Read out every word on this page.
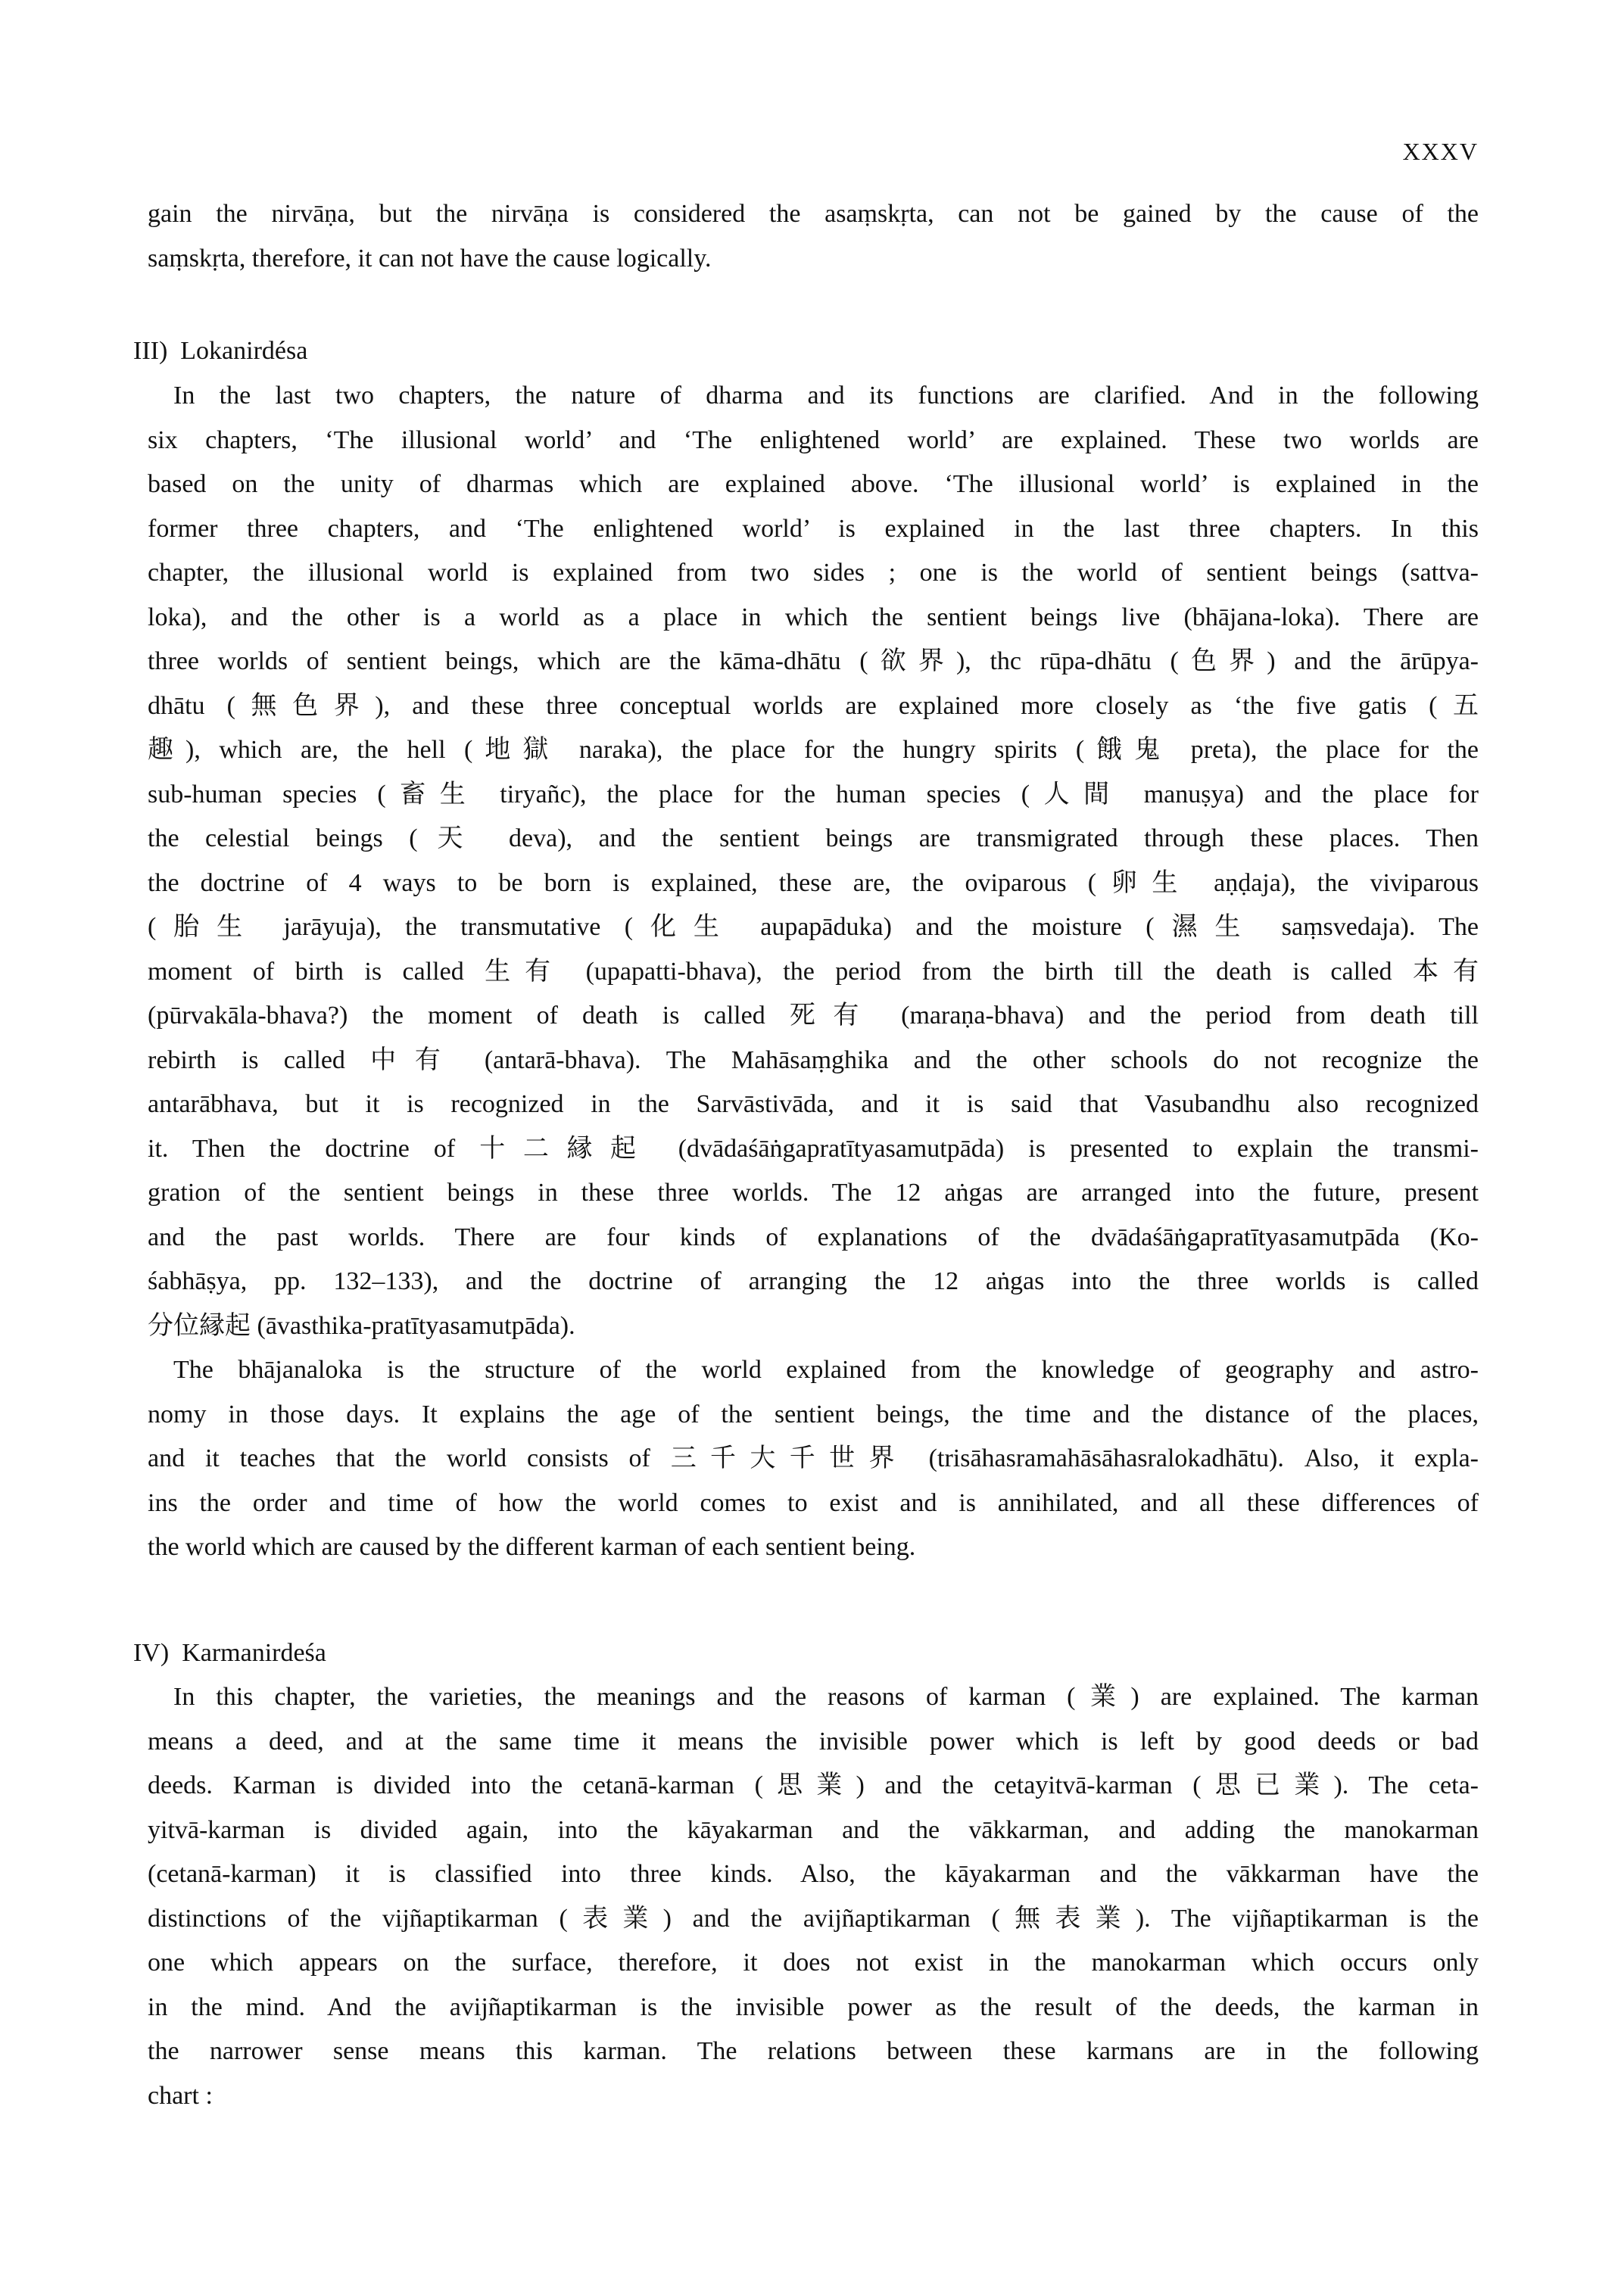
XXXV
gain the nirvāṇa, but the nirvāṇa is considered the asaṃskṛta, can not be gained by the cause of the
saṃskṛta, therefore, it can not have the cause logically.
III)  Lokanirdésa
In the last two chapters, the nature of dharma and its functions are clarified. And in the following
six chapters, ‘The illusional world’ and ‘The enlightened world’ are explained. These two worlds are
based on the unity of dharmas which are explained above. ‘The illusional world’ is explained in the
former three chapters, and ‘The enlightened world’ is explained in the last three chapters. In this
chapter, the illusional world is explained from two sides ; one is the world of sentient beings (sattva-
loka), and the other is a world as a place in which the sentient beings live (bhājana-loka). There are
three worlds of sentient beings, which are the kāma-dhātu (欲界), thc rūpa-dhātu (色界) and the ārūpya-
dhātu (無色界), and these three conceptual worlds are explained more closely as ‘the five gatis (五
趣), which are, the hell (地獄 naraka), the place for the hungry spirits (餓鬼 preta), the place for the
sub-human species (畜生 tiryañc), the place for the human species (人間 manuṣya) and the place for
the celestial beings (天 deva), and the sentient beings are transmigrated through these places. Then
the doctrine of 4 ways to be born is explained, these are, the oviparous (卵生 aṇḍaja), the viviparous
(胎生 jarāyuja), the transmutative (化生 aupapāduka) and the moisture (濕生 saṃsvedaja). The
moment of birth is called 生有 (upapatti-bhava), the period from the birth till the death is called 本有
(pūrvakāla-bhava?) the moment of death is called 死有 (maraṇa-bhava) and the period from death till
rebirth is called 中有 (antarā-bhava). The Mahāsaṃghika and the other schools do not recognize the
antarābhava, but it is recognized in the Sarvāstivāda, and it is said that Vasubandhu also recognized
it. Then the doctrine of 十二縁起 (dvādaśāṅgapratītyasamutpāda) is presented to explain the transmi-
gration of the sentient beings in these three worlds. The 12 aṅgas are arranged into the future, present
and the past worlds. There are four kinds of explanations of the dvādaśāṅgapratītyasamutpāda (Ko-
śabhāṣya, pp. 132–133), and the doctrine of arranging the 12 aṅgas into the three worlds is called
分位縁起 (āvasthika-pratītyasamutpāda).
The bhājanaloka is the structure of the world explained from the knowledge of geography and astro-
nomy in those days. It explains the age of the sentient beings, the time and the distance of the places,
and it teaches that the world consists of 三千大千世界 (trisāhasramahāsāhasralokadhātu). Also, it expla-
ins the order and time of how the world comes to exist and is annihilated, and all these differences of
the world which are caused by the different karman of each sentient being.
IV)  Karmanirdeśa
In this chapter, the varieties, the meanings and the reasons of karman (業) are explained. The karman
means a deed, and at the same time it means the invisible power which is left by good deeds or bad
deeds. Karman is divided into the cetanā-karman (思業) and the cetayitvā-karman (思已業). The ceta-
yitvā-karman is divided again, into the kāyakarman and the vākkarman, and adding the manokarman
(cetanā-karman) it is classified into three kinds. Also, the kāyakarman and the vākkarman have the
distinctions of the vijñaptikarman (表業) and the avijñaptikarman (無表業). The vijñaptikarman is the
one which appears on the surface, therefore, it does not exist in the manokarman which occurs only
in the mind. And the avijñaptikarman is the invisible power as the result of the deeds, the karman in
the narrower sense means this karman. The relations between these karmans are in the following
chart :
